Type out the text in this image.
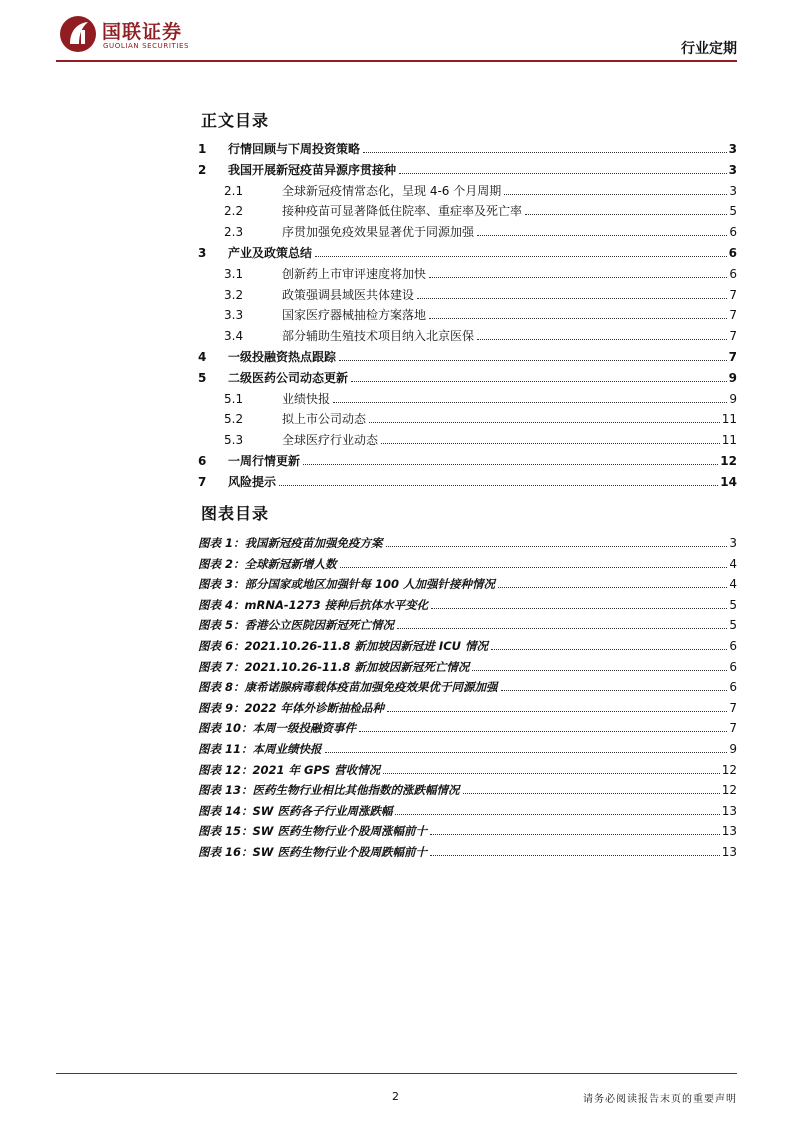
国联证券
GUOLIAN SECURITIES	行业定期
正文目录
1	行情回顾与下周投资策略	3
2	我国开展新冠疫苗异源序贯接种	3
2.1	全球新冠疫情常态化，呈现 4-6 个月周期	3
2.2	接种疫苗可显著降低住院率、重症率及死亡率	5
2.3	序贯加强免疫效果显著优于同源加强	6
3	产业及政策总结	6
3.1	创新药上市审评速度将加快	6
3.2	政策强调县域医共体建设	7
3.3	国家医疗器械抽检方案落地	7
3.4	部分辅助生殖技术项目纳入北京医保	7
4	一级投融资热点跟踪	7
5	二级医药公司动态更新	9
5.1	业绩快报	9
5.2	拟上市公司动态	11
5.3	全球医疗行业动态	11
6	一周行情更新	12
7	风险提示	14
图表目录
图表 1：我国新冠疫苗加强免疫方案	3
图表 2：全球新冠新增人数	4
图表 3：部分国家或地区加强针每 100 人加强针接种情况	4
图表 4：mRNA-1273 接种后抗体水平变化	5
图表 5：香港公立医院因新冠死亡情况	5
图表 6：2021.10.26-11.8 新加坡因新冠进 ICU 情况	6
图表 7：2021.10.26-11.8 新加坡因新冠死亡情况	6
图表 8：康希诺腺病毒载体疫苗加强免疫效果优于同源加强	6
图表 9：2022 年体外诊断抽检品种	7
图表 10：本周一级投融资事件	7
图表 11：本周业绩快报	9
图表 12：2021 年 GPS 营收情况	12
图表 13：医药生物行业相比其他指数的涨跌幅情况	12
图表 14：SW 医药各子行业周涨跌幅	13
图表 15：SW 医药生物行业个股周涨幅前十	13
图表 16：SW 医药生物行业个股周跌幅前十	13
2	请务必阅读报告末页的重要声明
